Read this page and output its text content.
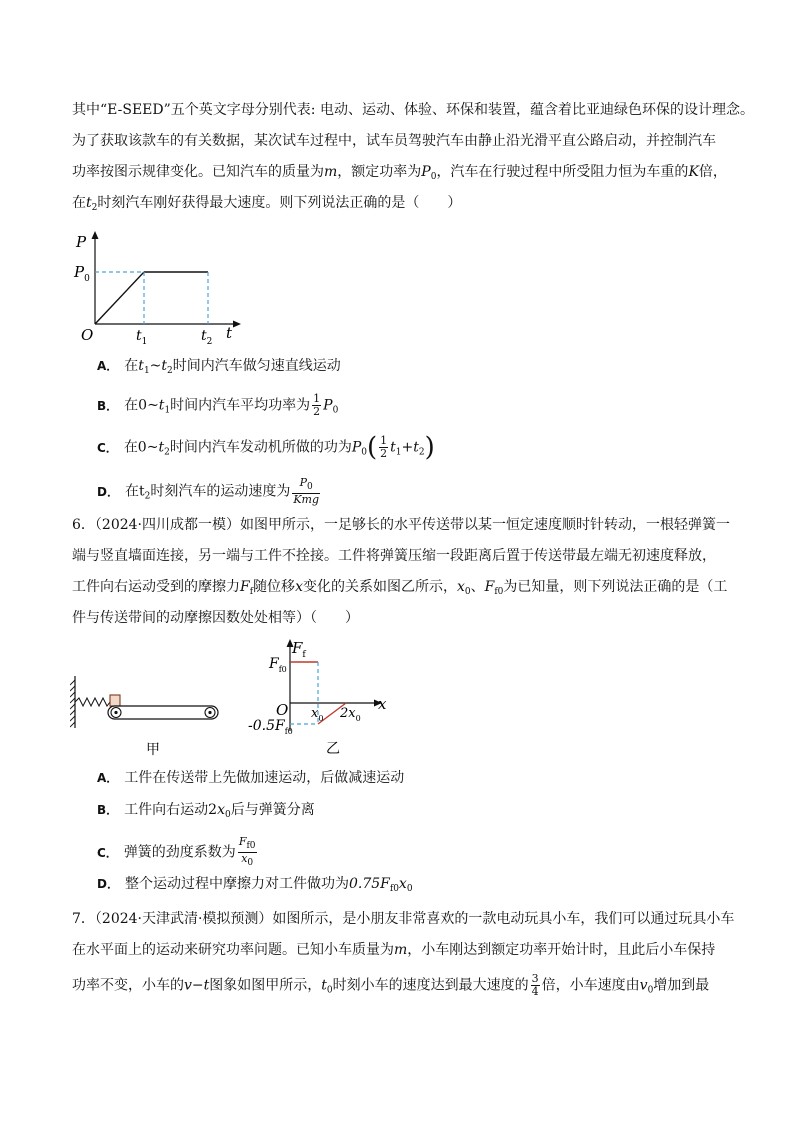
其中“E-SEED”五个英文字母分别代表: 电动、运动、体验、环保和装置，蕴含着比亚迪绿色环保的设计理念。
为了获取该款车的有关数据，某次试车过程中，试车员驾驶汽车由静止沿光滑平直公路启动，并控制汽车
功率按图示规律变化。已知汽车的质量为m，额定功率为$P_0$，汽车在行驶过程中所受阻力恒为车重的K倍，
在$t_2$时刻汽车刚好获得最大速度。则下列说法正确的是（　　）
P
$P_0$
O	$t_1$	$t_2$ t
A． 在$t_1\sim t_2$时间内汽车做匀速直线运动
B． 在$0\sim t_1$时间内汽车平均功率为 $\frac{1}{2} P_0$
C． 在$0\sim t_2$时间内汽车发动机所做的功为$P_0( \frac{1}{2} t_1+t_2)$
D． 在$t_2$时刻汽车的运动速度为 $\frac{P_0}{\text{Kmg}}$
6．（2024·四川成都一模）如图甲所示，一足够长的水平传送带以某一恒定速度顺时针转动，一根轻弹簧一
端与竖直墙面连接，另一端与工件不拴接。工件将弹簧压缩一段距离后置于传送带最左端无初速度释放，
工件向右运动受到的摩擦力$F_f$随位移x变化的关系如图乙所示，$x_0$、$F_{f0}$为已知量，则下列说法正确的是（工
件与传送带间的动摩擦因数处处相等）（　　）
甲
$F_f$
$F_{f0}$
O $x_0$ $2x_0$
x
$-0.5F_{f0}$
乙
A． 工件在传送带上先做加速运动，后做减速运动
B． 工件向右运动$2x_0$后与弹簧分离
C． 弹簧的劲度系数为 $\frac{F_{f0}}{x_0}$
D． 整个运动过程中摩擦力对工件做功为$0.75F_{f0}x_0$
7．（2024·天津武清·模拟预测）如图所示，是小朋友非常喜欢的一款电动玩具小车，我们可以通过玩具小车
在水平面上的运动来研究功率问题。已知小车质量为m，小车刚达到额定功率开始计时，且此后小车保持
功率不变，小车的v−t图象如图甲所示，$t_0$时刻小车的速度达到最大速度的 $\frac{3}{4}$ 倍，小车速度由$v_0$增加到最
